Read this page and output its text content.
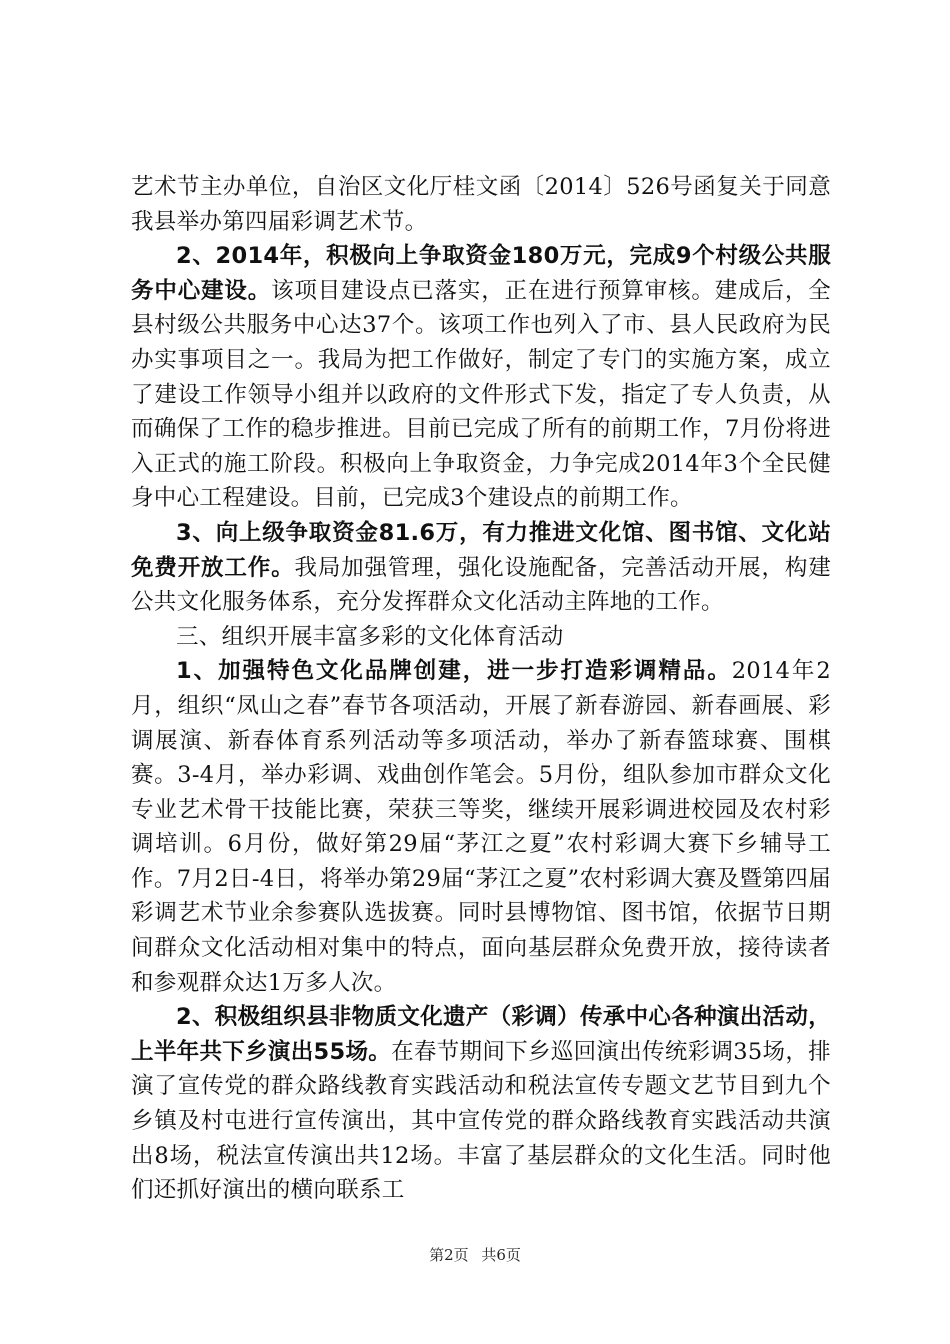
艺术节主办单位，自治区文化厅桂文函〔2014〕526号函复关于同意我县举办第四届彩调艺术节。

2、2014年，积极向上争取资金180万元，完成9个村级公共服务中心建设。该项目建设点已落实，正在进行预算审核。建成后，全县村级公共服务中心达37个。该项工作也列入了市、县人民政府为民办实事项目之一。我局为把工作做好，制定了专门的实施方案，成立了建设工作领导小组并以政府的文件形式下发，指定了专人负责，从而确保了工作的稳步推进。目前已完成了所有的前期工作，7月份将进入正式的施工阶段。积极向上争取资金，力争完成2014年3个全民健身中心工程建设。目前，已完成3个建设点的前期工作。

3、向上级争取资金81.6万，有力推进文化馆、图书馆、文化站免费开放工作。我局加强管理，强化设施配备，完善活动开展，构建公共文化服务体系，充分发挥群众文化活动主阵地的工作。

三、组织开展丰富多彩的文化体育活动

1、加强特色文化品牌创建，进一步打造彩调精品。2014年2月，组织“凤山之春”春节各项活动，开展了新春游园、新春画展、彩调展演、新春体育系列活动等多项活动，举办了新春篮球赛、围棋赛。3-4月，举办彩调、戏曲创作笔会。5月份，组队参加市群众文化专业艺术骨干技能比赛，荣获三等奖，继续开展彩调进校园及农村彩调培训。6月份，做好第29届“茅江之夏”农村彩调大赛下乡辅导工作。7月2日-4日，将举办第29届“茅江之夏”农村彩调大赛及暨第四届彩调艺术节业余参赛队选拔赛。同时县博物馆、图书馆，依据节日期间群众文化活动相对集中的特点，面向基层群众免费开放，接待读者和参观群众达1万多人次。

2、积极组织县非物质文化遗产（彩调）传承中心各种演出活动，上半年共下乡演出55场。在春节期间下乡巡回演出传统彩调35场，排演了宣传党的群众路线教育实践活动和税法宣传专题文艺节目到九个乡镇及村屯进行宣传演出，其中宣传党的群众路线教育实践活动共演出8场，税法宣传演出共12场。丰富了基层群众的文化生活。同时他们还抓好演出的横向联系工

第2页 共6页
